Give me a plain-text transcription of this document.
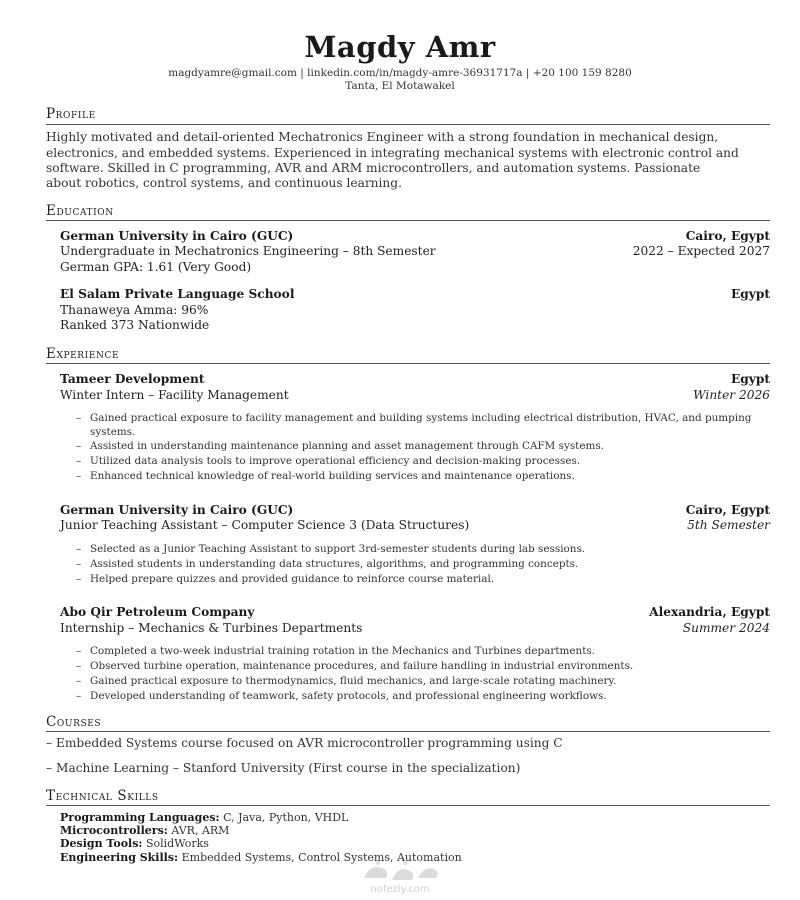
Magdy Amr
magdyamre@gmail.com | linkedin.com/in/magdy-amre-36931717a | +20 100 159 8280
Tanta, El Motawakel
Profile
Highly motivated and detail-oriented Mechatronics Engineer with a strong foundation in mechanical design,
electronics, and embedded systems. Experienced in integrating mechanical systems with electronic control and
software. Skilled in C programming, AVR and ARM microcontrollers, and automation systems. Passionate
about robotics, control systems, and continuous learning.
Education
German University in Cairo (GUC)	Cairo, Egypt
Undergraduate in Mechatronics Engineering – 8th Semester	2022 – Expected 2027
German GPA: 1.61 (Very Good)
El Salam Private Language School	Egypt
Thanaweya Amma: 96%
Ranked 373 Nationwide
Experience
Tameer Development	Egypt
Winter Intern – Facility Management	Winter 2026
– Gained practical exposure to facility management and building systems including electrical distribution, HVAC, and pumping systems.
– Assisted in understanding maintenance planning and asset management through CAFM systems.
– Utilized data analysis tools to improve operational efficiency and decision-making processes.
– Enhanced technical knowledge of real-world building services and maintenance operations.
German University in Cairo (GUC)	Cairo, Egypt
Junior Teaching Assistant – Computer Science 3 (Data Structures)	5th Semester
– Selected as a Junior Teaching Assistant to support 3rd-semester students during lab sessions.
– Assisted students in understanding data structures, algorithms, and programming concepts.
– Helped prepare quizzes and provided guidance to reinforce course material.
Abo Qir Petroleum Company	Alexandria, Egypt
Internship – Mechanics & Turbines Departments	Summer 2024
– Completed a two-week industrial training rotation in the Mechanics and Turbines departments.
– Observed turbine operation, maintenance procedures, and failure handling in industrial environments.
– Gained practical exposure to thermodynamics, fluid mechanics, and large-scale rotating machinery.
– Developed understanding of teamwork, safety protocols, and professional engineering workflows.
Courses
– Embedded Systems course focused on AVR microcontroller programming using C
– Machine Learning – Stanford University (First course in the specialization)
Technical Skills
Programming Languages: C, Java, Python, VHDL
Microcontrollers: AVR, ARM
Design Tools: SolidWorks
Engineering Skills: Embedded Systems, Control Systems, Automation
nofezly.com
